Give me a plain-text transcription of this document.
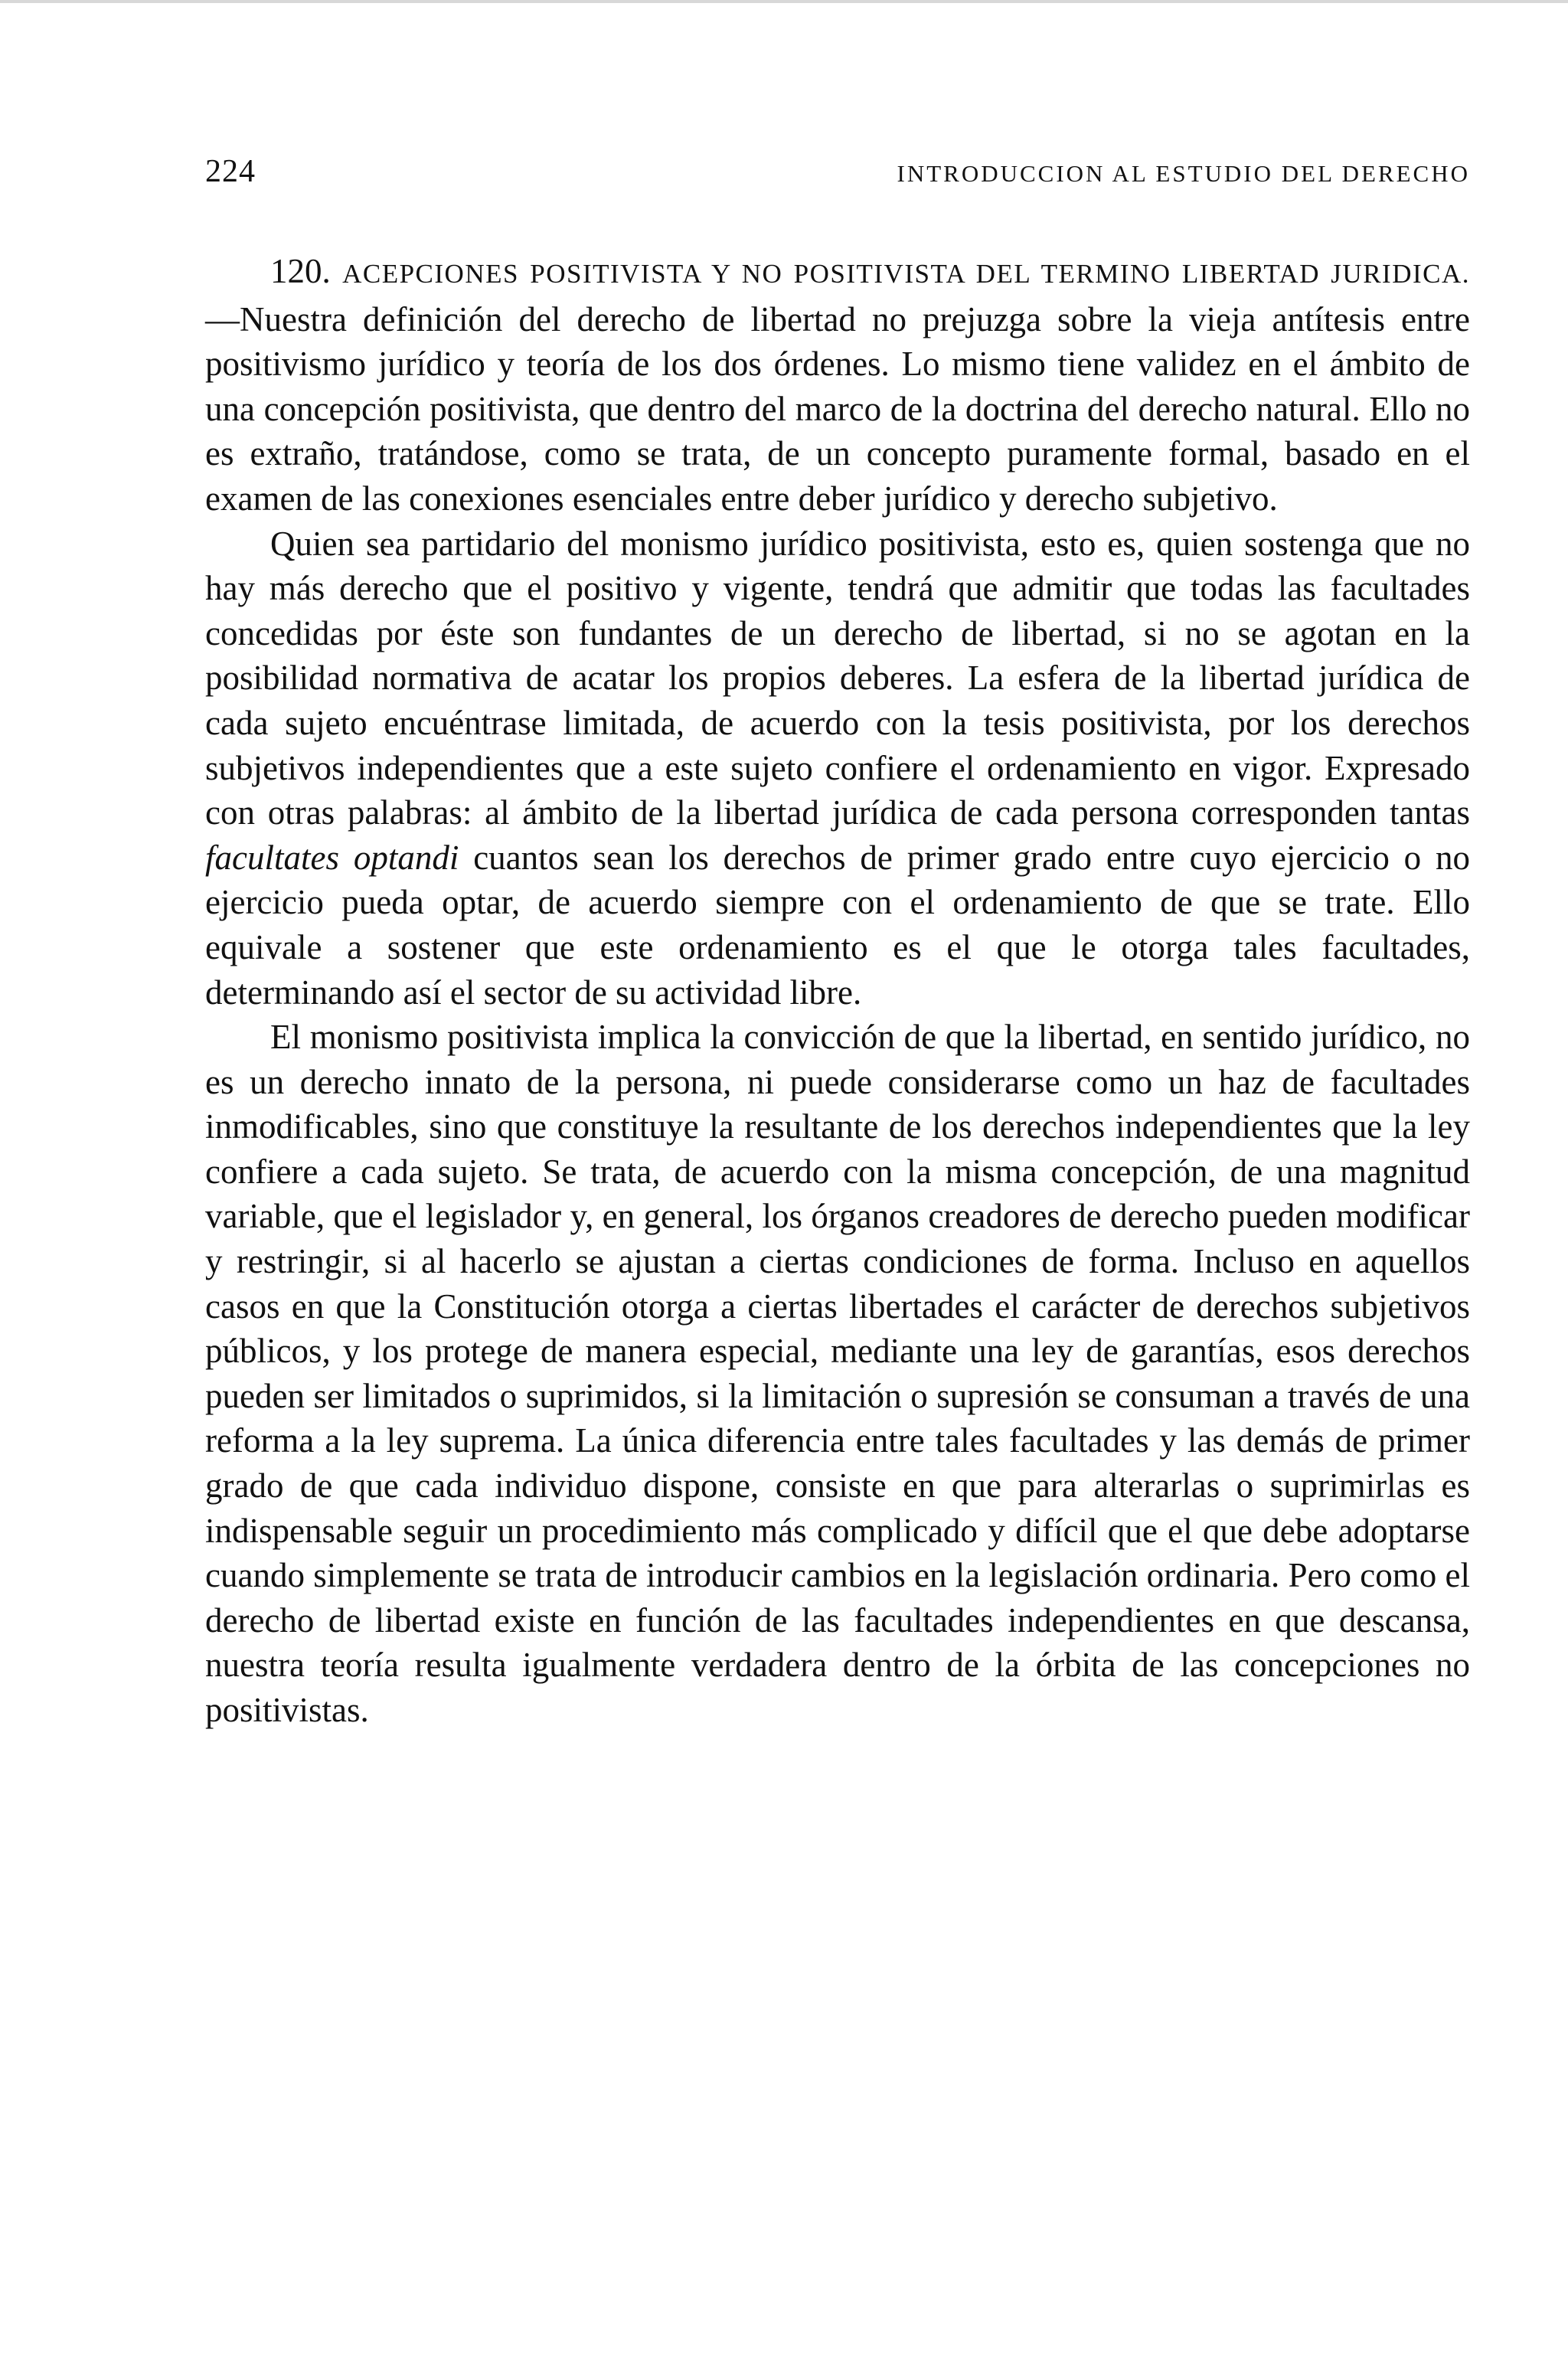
224	INTRODUCCION AL ESTUDIO DEL DERECHO

120. ACEPCIONES POSITIVISTA Y NO POSITIVISTA DEL TERMINO LIBERTAD JURIDICA.—Nuestra definición del derecho de libertad no prejuzga sobre la vieja antítesis entre positivismo jurídico y teoría de los dos órdenes. Lo mismo tiene validez en el ámbito de una concepción positivista, que dentro del marco de la doctrina del derecho natural. Ello no es extraño, tratándose, como se trata, de un concepto puramente formal, basado en el examen de las conexiones esenciales entre deber jurídico y derecho subjetivo.

Quien sea partidario del monismo jurídico positivista, esto es, quien sostenga que no hay más derecho que el positivo y vigente, tendrá que admitir que todas las facultades concedidas por éste son fundantes de un derecho de libertad, si no se agotan en la posibilidad normativa de acatar los propios deberes. La esfera de la libertad jurídica de cada sujeto encuéntrase limitada, de acuerdo con la tesis positivista, por los derechos subjetivos independientes que a este sujeto confiere el ordenamiento en vigor. Expresado con otras palabras: al ámbito de la libertad jurídica de cada persona corresponden tantas facultates optandi cuantos sean los derechos de primer grado entre cuyo ejercicio o no ejercicio pueda optar, de acuerdo siempre con el ordenamiento de que se trate. Ello equivale a sostener que este ordenamiento es el que le otorga tales facultades, determinando así el sector de su actividad libre.

El monismo positivista implica la convicción de que la libertad, en sentido jurídico, no es un derecho innato de la persona, ni puede considerarse como un haz de facultades inmodificables, sino que constituye la resultante de los derechos independientes que la ley confiere a cada sujeto. Se trata, de acuerdo con la misma concepción, de una magnitud variable, que el legislador y, en general, los órganos creadores de derecho pueden modificar y restringir, si al hacerlo se ajustan a ciertas condiciones de forma. Incluso en aquellos casos en que la Constitución otorga a ciertas libertades el carácter de derechos subjetivos públicos, y los protege de manera especial, mediante una ley de garantías, esos derechos pueden ser limitados o suprimidos, si la limitación o supresión se consuman a través de una reforma a la ley suprema. La única diferencia entre tales facultades y las demás de primer grado de que cada individuo dispone, consiste en que para alterarlas o suprimirlas es indispensable seguir un procedimiento más complicado y difícil que el que debe adoptarse cuando simplemente se trata de introducir cambios en la legislación ordinaria. Pero como el derecho de libertad existe en función de las facultades independientes en que descansa, nuestra teoría resulta igualmente verdadera dentro de la órbita de las concepciones no positivistas.
